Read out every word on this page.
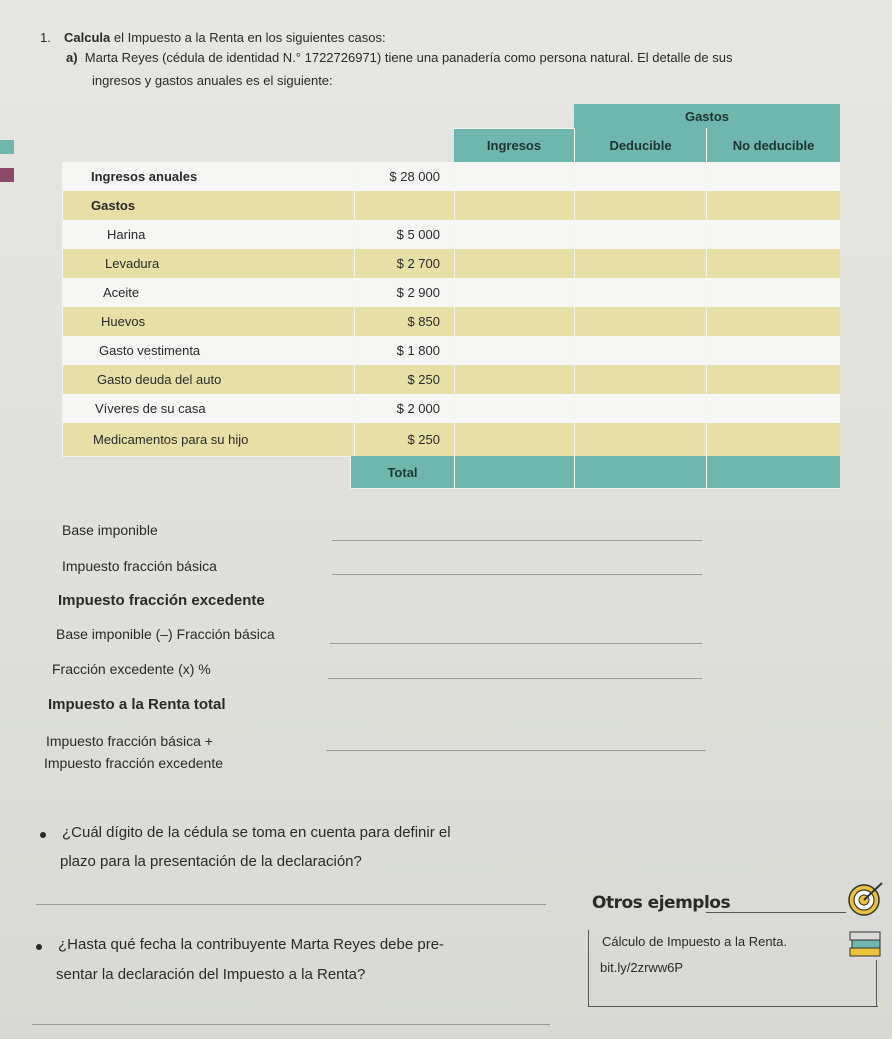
1. Calcula el Impuesto a la Renta en los siguientes casos:
a) Marta Reyes (cédula de identidad N.° 1722726971) tiene una panadería como persona natural. El detalle de sus
ingresos y gastos anuales es el siguiente:
Gastos
Ingresos	Deducible	No deducible
Ingresos anuales	$ 28 000
Gastos
Harina	$ 5 000
Levadura	$ 2 700
Aceite	$ 2 900
Huevos	$ 850
Gasto vestimenta	$ 1 800
Gasto deuda del auto	$ 250
Víveres de su casa	$ 2 000
Medicamentos para su hijo	$ 250
Total
Base imponible
Impuesto fracción básica
Impuesto fracción excedente
Base imponible (–) Fracción básica
Fracción excedente (x) %
Impuesto a la Renta total
Impuesto fracción básica +
Impuesto fracción excedente
¿Cuál dígito de la cédula se toma en cuenta para definir el
plazo para la presentación de la declaración?
¿Hasta qué fecha la contribuyente Marta Reyes debe pre-
sentar la declaración del Impuesto a la Renta?
Otros ejemplos
Cálculo de Impuesto a la Renta.
bit.ly/2zrww6P
